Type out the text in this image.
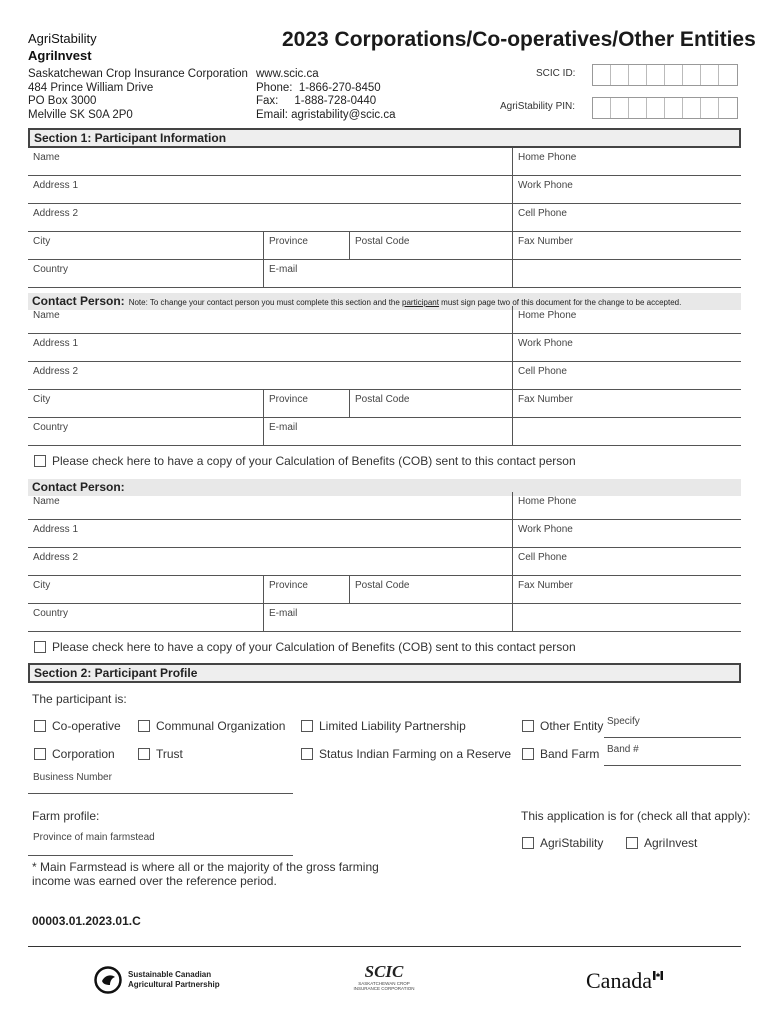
AgriStability
AgriInvest
2023 Corporations/Co-operatives/Other Entities
Saskatchewan Crop Insurance Corporation
484 Prince William Drive
PO Box 3000
Melville SK S0A 2P0
www.scic.ca
Phone:  1-866-270-8450
Fax:     1-888-728-0440
Email: agristability@scic.ca
SCIC ID:
AgriStability PIN:
Section 1: Participant Information
Name	Home Phone
Address 1	Work Phone
Address 2	Cell Phone
City	Province	Postal Code	Fax Number
Country	E-mail
Contact Person: Note: To change your contact person you must complete this section and the participant must sign page two of this document for the change to be accepted.
Name	Home Phone
Address 1	Work Phone
Address 2	Cell Phone
City	Province	Postal Code	Fax Number
Country	E-mail
Please check here to have a copy of your Calculation of Benefits (COB) sent to this contact person
Contact Person:
Name	Home Phone
Address 1	Work Phone
Address 2	Cell Phone
City	Province	Postal Code	Fax Number
Country	E-mail
Please check here to have a copy of your Calculation of Benefits (COB) sent to this contact person
Section 2: Participant Profile
The participant is:
Co-operative	Communal Organization	Limited Liability Partnership	Other Entity Specify
Corporation	Trust	Status Indian Farming on a Reserve Band Farm Band #
Business Number
Farm profile:	This application is for (check all that apply):
Province of main farmstead	AgriStability	AgriInvest
* Main Farmstead is where all or the majority of the gross farming
income was earned over the reference period.
00003.01.2023.01.C
Sustainable Canadian
Agricultural Partnership
SCIC
SASKATCHEWAN CROP
INSURANCE CORPORATION	Canada
